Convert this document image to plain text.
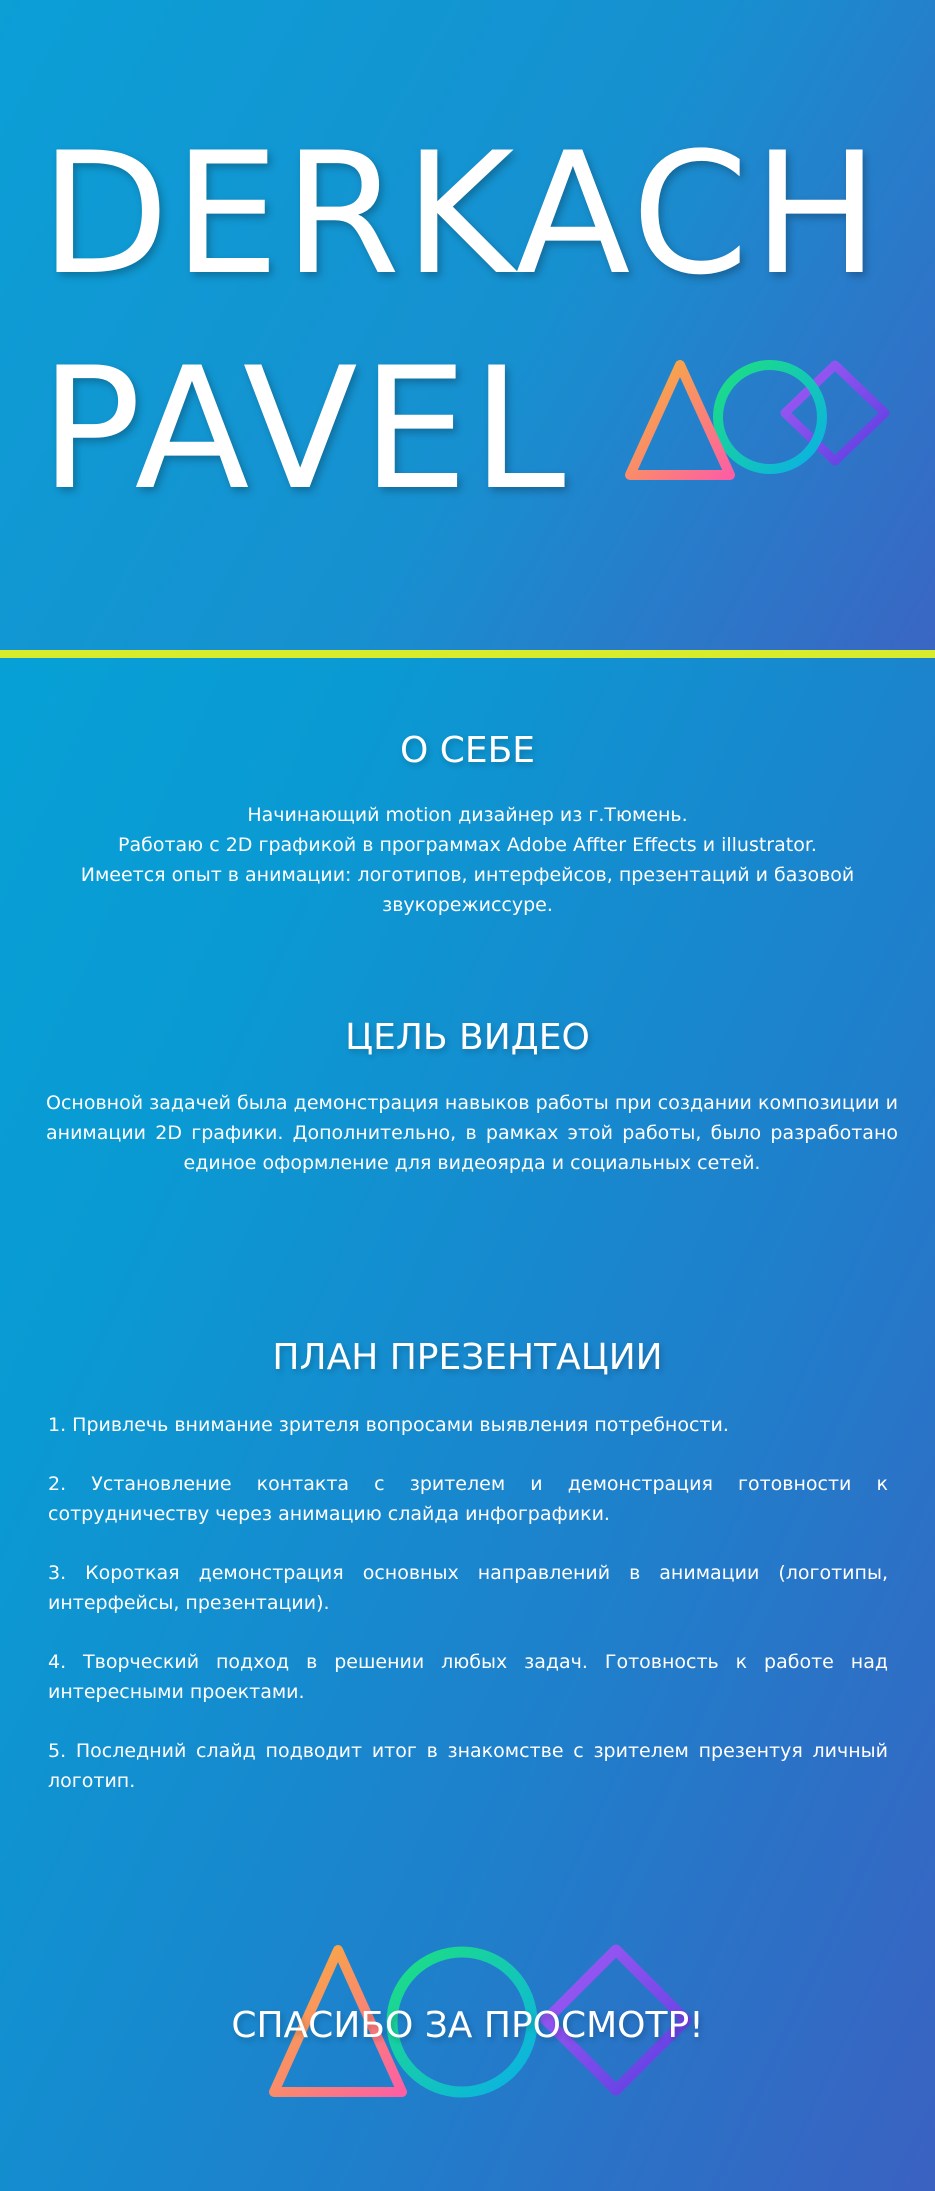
DERKACH
PAVEL
О СЕБЕ
Начинающий motion дизайнер из г.Тюмень.
Работаю с 2D графикой в программах Adobe Affter Effects и illustrator.
Имеется опыт в анимации: логотипов, интерфейсов, презентаций и базовой
звукорежиссуре.
ЦЕЛЬ ВИДЕО
Основной задачей была демонстрация навыков работы при создании композиции и анимации 2D графики. Дополнительно, в рамках этой работы, было разработано единое оформление для видеоярда и социальных сетей.
ПЛАН ПРЕЗЕНТАЦИИ

1. Привлечь внимание зрителя вопросами выявления потребности.

2. Установление контакта с зрителем и демонстрация готовности к сотрудничеству через анимацию слайда инфографики.

3. Короткая демонстрация основных направлений в анимации (логотипы, интерфейсы, презентации).

4. Творческий подход в решении любых задач. Готовность к работе над интересными проектами.

5. Последний слайд подводит итог в знакомстве с зрителем презентуя личный логотип.

СПАСИБО ЗА ПРОСМОТР!
